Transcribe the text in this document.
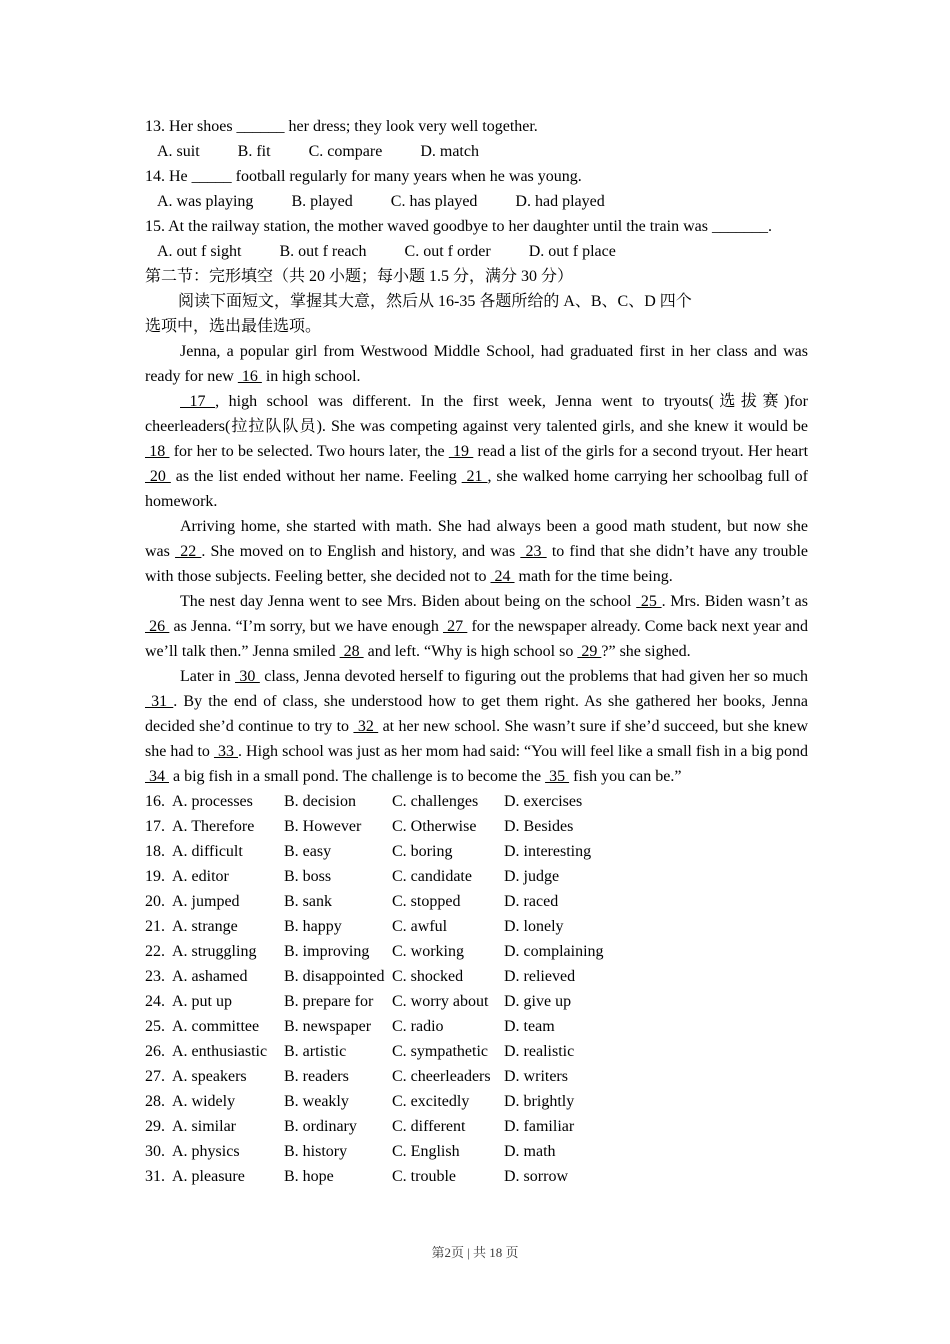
13. Her shoes ______ her dress; they look very well together.
A. suit B. fit C. compare D. match
14. He _____ football regularly for many years when he was young.
A. was playing B. played C. has played D. had played
15. At the railway station, the mother waved goodbye to her daughter until the train was _______.
A. out f sight B. out f reach C. out f order D. out f place
第二节：完形填空（共 20 小题；每小题 1.5 分，满分 30 分）
阅读下面短文，掌握其大意，然后从 16-35 各题所给的 A、B、C、D 四个
选项中，选出最佳选项。

Jenna, a popular girl from Westwood Middle School, had graduated first in her class and was ready for new  16  in high school.

17 , high school was different. In the first week, Jenna went to tryouts(选拔赛)for cheerleaders(拉拉队队员). She was competing against very talented girls, and she knew it would be  18  for her to be selected. Two hours later, the  19  read a list of the girls for a second tryout. Her heart  20  as the list ended without her name. Feeling  21 , she walked home carrying her schoolbag full of homework.

Arriving home, she started with math. She had always been a good math student, but now she was  22 . She moved on to English and history, and was  23  to find that she didn’t have any trouble with those subjects. Feeling better, she decided not to  24  math for the time being.

The nest day Jenna went to see Mrs. Biden about being on the school  25 . Mrs. Biden wasn’t as  26  as Jenna. “I’m sorry, but we have enough  27  for the newspaper already. Come back next year and we’ll talk then.” Jenna smiled  28  and left. “Why is high school so  29 ?” she sighed.

Later in  30  class, Jenna devoted herself to figuring out the problems that had given her so much  31 . By the end of class, she understood how to get them right. As she gathered her books, Jenna decided she’d continue to try to  32  at her new school. She wasn’t sure if she’d succeed, but she knew she had to  33 . High school was just as her mom had said: “You will feel like a small fish in a big pond  34  a big fish in a small pond. The challenge is to become the  35  fish you can be.”

16. A. processes	B. decision	C. challenges	D. exercises
17. A. Therefore	B. However	C. Otherwise	D. Besides
18. A. difficult	B. easy	C. boring	D. interesting
19. A. editor	B. boss	C. candidate	D. judge
20. A. jumped	B. sank	C. stopped	D. raced
21. A. strange	B. happy	C. awful	D. lonely
22. A. struggling	B. improving	C. working	D. complaining
23. A. ashamed	B. disappointed C. shocked	D. relieved
24. A. put up	B. prepare for	C. worry about D. give up
25. A. committee	B. newspaper	C. radio	D. team
26. A. enthusiastic	B. artistic	C. sympathetic	D. realistic
27. A. speakers	B. readers	C. cheerleaders D. writers
28. A. widely	B. weakly	C. excitedly	D. brightly
29. A. similar	B. ordinary	C. different	D. familiar
30. A. physics	B. history	C. English	D. math
31. A. pleasure	B. hope	C. trouble	D. sorrow
第2页 | 共 18 页
